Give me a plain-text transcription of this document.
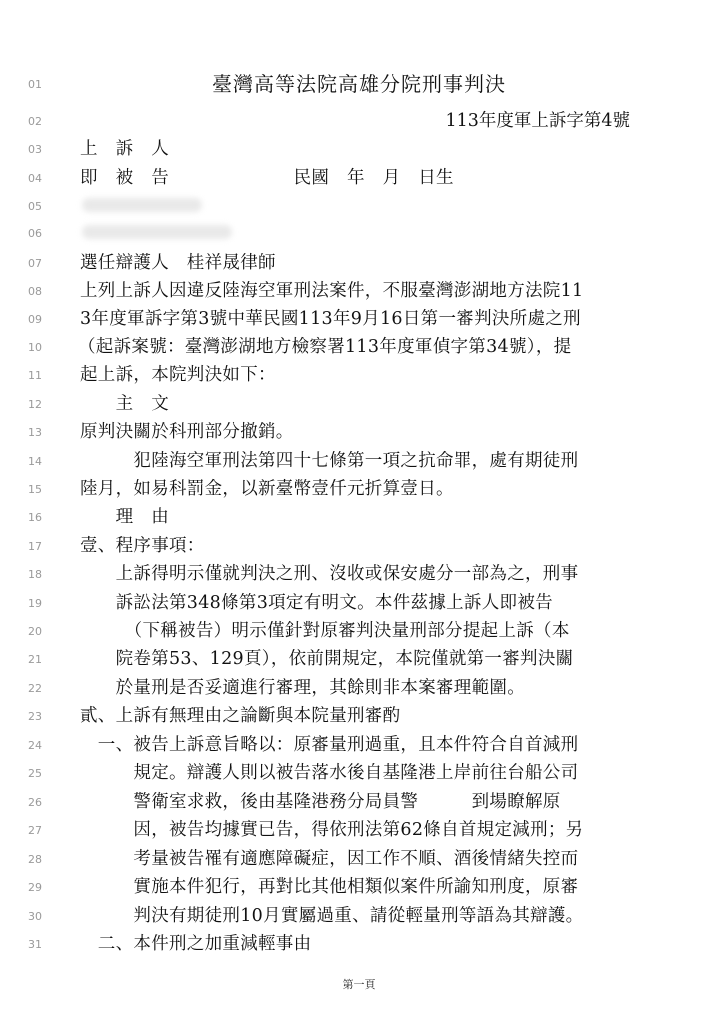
01	臺灣高等法院高雄分院刑事判決
02	113年度軍上訴字第4號
03	上　訴　人
04	即　被　告　　　　　　　民國　年　月　日生
05
06
07	選任辯護人　桂祥晟律師
08	上列上訴人因違反陸海空軍刑法案件，不服臺灣澎湖地方法院11
09	3年度軍訴字第3號中華民國113年9月16日第一審判決所處之刑
10	（起訴案號：臺灣澎湖地方檢察署113年度軍偵字第34號），提
11	起上訴，本院判決如下：
12	　　主　文
13	原判決關於科刑部分撤銷。
14	　　　犯陸海空軍刑法第四十七條第一項之抗命罪，處有期徒刑
15	陸月，如易科罰金，以新臺幣壹仟元折算壹日。
16	　　理　由
17	壹、程序事項：
18	　　上訴得明示僅就判決之刑、沒收或保安處分一部為之，刑事
19	　　訴訟法第348條第3項定有明文。本件茲據上訴人即被告
20	　　　（下稱被告）明示僅針對原審判決量刑部分提起上訴（本
21	　　院卷第53、129頁），依前開規定，本院僅就第一審判決關
22	　　於量刑是否妥適進行審理，其餘則非本案審理範圍。
23	貳、上訴有無理由之論斷與本院量刑審酌
24	　一、被告上訴意旨略以：原審量刑過重，且本件符合自首減刑
25	　　　規定。辯護人則以被告落水後自基隆港上岸前往台船公司
26	　　　警衛室求救，後由基隆港務分局員警　　　到場瞭解原
27	　　　因，被告均據實已告，得依刑法第62條自首規定減刑；另
28	　　　考量被告罹有適應障礙症，因工作不順、酒後情緒失控而
29	　　　實施本件犯行，再對比其他相類似案件所諭知刑度，原審
30	　　　判決有期徒刑10月實屬過重、請從輕量刑等語為其辯護。
31	　二、本件刑之加重減輕事由
第一頁
